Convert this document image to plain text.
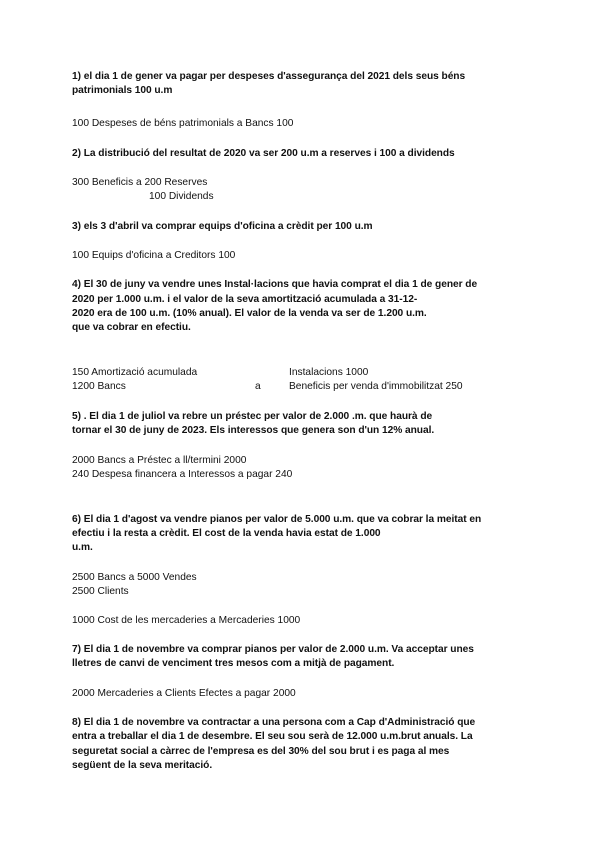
1) el dia 1 de gener va pagar per despeses d'assegurança del 2021 dels seus béns
patrimonials 100 u.m
100 Despeses de béns patrimonials a Bancs 100
2) La distribució del resultat de 2020 va ser 200 u.m a reserves i 100 a dividends
300 Beneficis a 200 Reserves
100 Dividends
3) els 3 d'abril va comprar equips d'oficina a crèdit per 100 u.m
100 Equips d'oficina a Creditors 100
4) El 30 de juny va vendre unes Instal·lacions que havia comprat el dia 1 de gener de
2020 per 1.000 u.m. i el valor de la seva amortització acumulada a 31-12-
2020 era de 100 u.m. (10% anual). El valor de la venda va ser de 1.200 u.m.
que va cobrar en efectiu.
150 Amortizació acumulada	Instalacions 1000
1200 Bancs	a	Beneficis per venda d'immobilitzat 250
5) . El dia 1 de juliol va rebre un préstec per valor de 2.000 .m. que haurà de
tornar el 30 de juny de 2023. Els interessos que genera son d'un 12% anual.
2000 Bancs a Préstec a ll/termini 2000
240 Despesa financera a Interessos a pagar 240
6) El dia 1 d'agost va vendre pianos per valor de 5.000 u.m. que va cobrar la meitat en
efectiu i la resta a crèdit. El cost de la venda havia estat de 1.000
u.m.
2500 Bancs a 5000 Vendes
2500 Clients
1000 Cost de les mercaderies a Mercaderies 1000
7) El dia 1 de novembre va comprar pianos per valor de 2.000 u.m. Va acceptar unes
lletres de canvi de venciment tres mesos com a mitjà de pagament.
2000 Mercaderies a Clients Efectes a pagar 2000
8) El dia 1 de novembre va contractar a una persona com a Cap d'Administració que
entra a treballar el dia 1 de desembre. El seu sou serà de 12.000 u.m.brut anuals. La
seguretat social a càrrec de l'empresa es del 30% del sou brut i es paga al mes
següent de la seva meritació.
